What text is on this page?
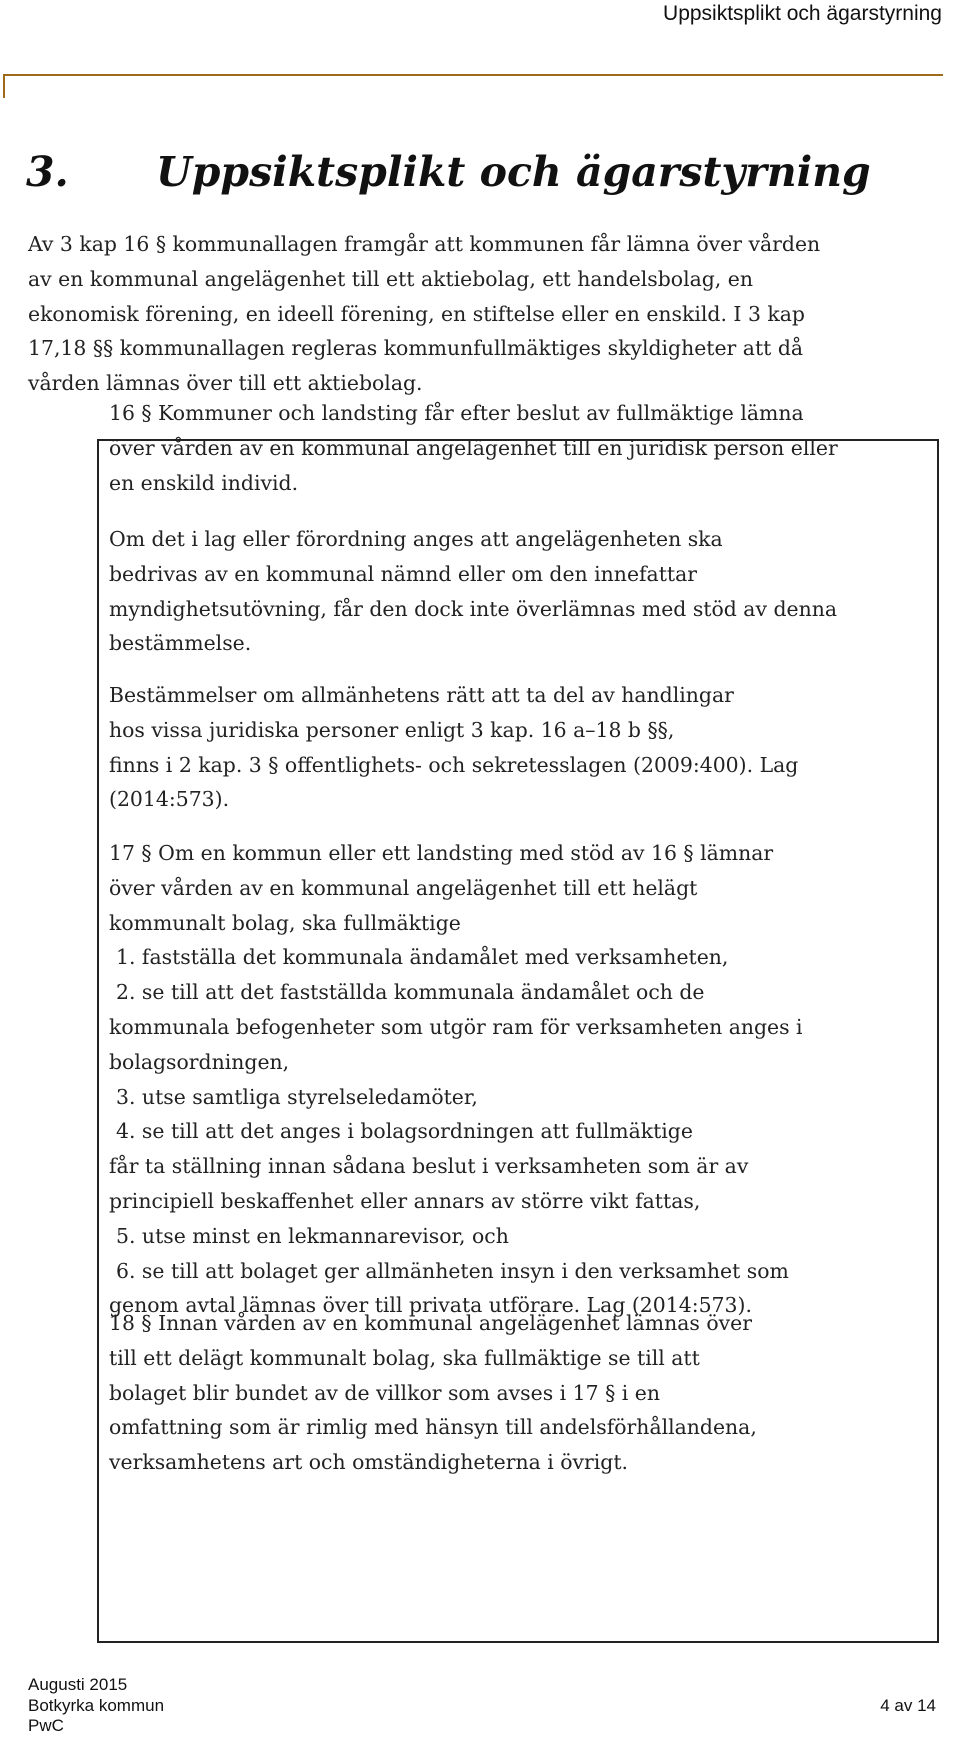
Uppsiktsplikt och ägarstyrning
3. Uppsiktsplikt och ägarstyrning
Av 3 kap 16 § kommunallagen framgår att kommunen får lämna över vården
av en kommunal angelägenhet till ett aktiebolag, ett handelsbolag, en
ekonomisk förening, en ideell förening, en stiftelse eller en enskild. I 3 kap
17,18 §§ kommunallagen regleras kommunfullmäktiges skyldigheter att då
vården lämnas över till ett aktiebolag.
16 § Kommuner och landsting får efter beslut av fullmäktige lämna
över vården av en kommunal angelägenhet till en juridisk person eller
en enskild individ.
Om det i lag eller förordning anges att angelägenheten ska
bedrivas av en kommunal nämnd eller om den innefattar
myndighetsutövning, får den dock inte överlämnas med stöd av denna
bestämmelse.
Bestämmelser om allmänhetens rätt att ta del av handlingar
hos vissa juridiska personer enligt 3 kap. 16 a–18 b §§,
finns i 2 kap. 3 § offentlighets- och sekretesslagen (2009:400). Lag
(2014:573).
17 § Om en kommun eller ett landsting med stöd av 16 § lämnar
över vården av en kommunal angelägenhet till ett helägt
kommunalt bolag, ska fullmäktige
1. fastställa det kommunala ändamålet med verksamheten,
2. se till att det fastställda kommunala ändamålet och de
kommunala befogenheter som utgör ram för verksamheten anges i
bolagsordningen,
3. utse samtliga styrelseledamöter,
4. se till att det anges i bolagsordningen att fullmäktige
får ta ställning innan sådana beslut i verksamheten som är av
principiell beskaffenhet eller annars av större vikt fattas,
5. utse minst en lekmannarevisor, och
6. se till att bolaget ger allmänheten insyn i den verksamhet som
genom avtal lämnas över till privata utförare. Lag (2014:573).
18 § Innan vården av en kommunal angelägenhet lämnas över
till ett delägt kommunalt bolag, ska fullmäktige se till att
bolaget blir bundet av de villkor som avses i 17 § i en
omfattning som är rimlig med hänsyn till andelsförhållandena,
verksamhetens art och omständigheterna i övrigt.
Augusti 2015
Botkyrka kommun
PwC
4 av 14
